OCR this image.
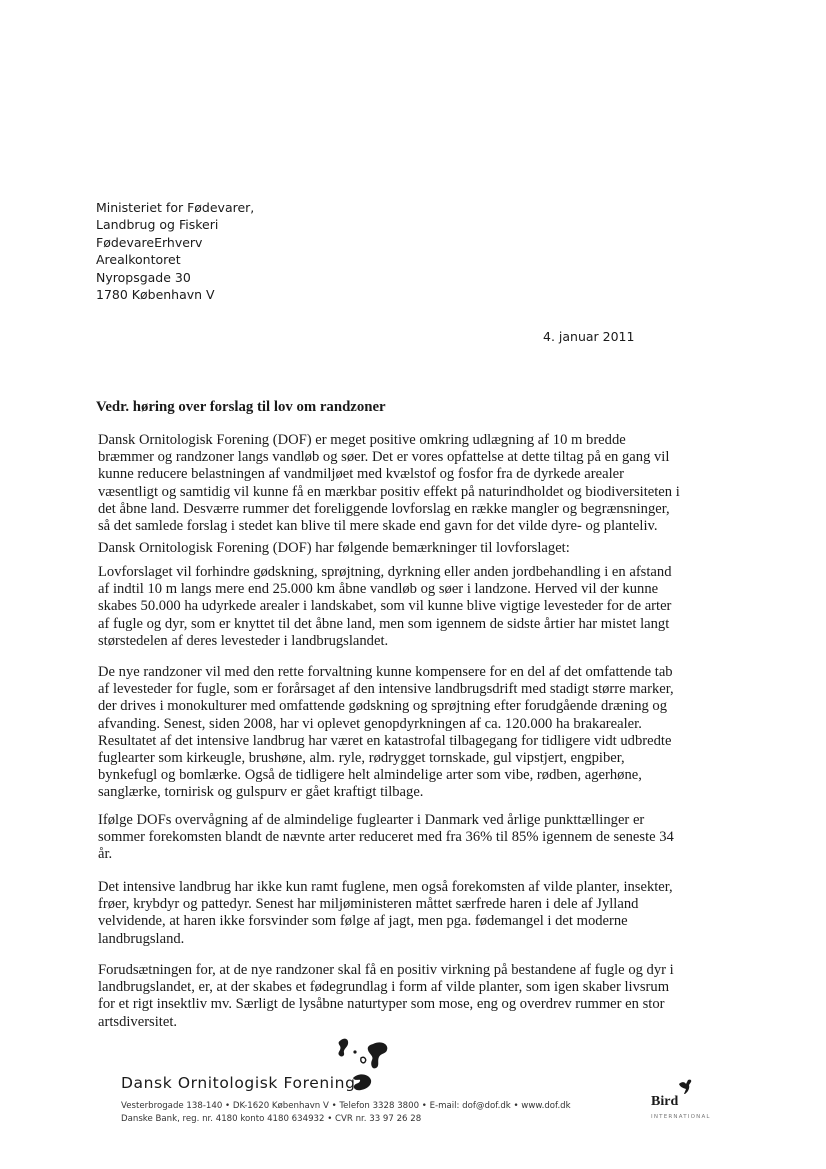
Ministeriet for Fødevarer,
Landbrug og Fiskeri
FødevareErhverv
Arealkontoret
Nyropsgade 30
1780 København V
4. januar 2011
Vedr. høring over forslag til lov om randzoner
Dansk Ornitologisk Forening (DOF) er meget positive omkring udlægning af 10 m bredde
bræmmer og randzoner langs vandløb og søer. Det er vores opfattelse at dette tiltag på en gang vil
kunne reducere belastningen af vandmiljøet med kvælstof og fosfor fra de dyrkede arealer
væsentligt og samtidig vil kunne få en mærkbar positiv effekt på naturindholdet og biodiversiteten i
det åbne land. Desværre rummer det foreliggende lovforslag en række mangler og begrænsninger,
så det samlede forslag i stedet kan blive til mere skade end gavn for det vilde dyre- og planteliv.
Dansk Ornitologisk Forening (DOF) har følgende bemærkninger til lovforslaget:
Lovforslaget vil forhindre gødskning, sprøjtning, dyrkning eller anden jordbehandling i en afstand
af indtil 10 m langs mere end 25.000 km åbne vandløb og søer i landzone. Herved vil der kunne
skabes 50.000 ha udyrkede arealer i landskabet, som vil kunne blive vigtige levesteder for de arter
af fugle og dyr, som er knyttet til det åbne land, men som igennem de sidste årtier har mistet langt
størstedelen af deres levesteder i landbrugslandet.
De nye randzoner vil med den rette forvaltning kunne kompensere for en del af det omfattende tab
af levesteder for fugle, som er forårsaget af den intensive landbrugsdrift med stadigt større marker,
der drives i monokulturer med omfattende gødskning og sprøjtning efter forudgående dræning og
afvanding. Senest, siden 2008, har vi oplevet genopdyrkningen af ca. 120.000 ha brakarealer.
Resultatet af det intensive landbrug har været en katastrofal tilbagegang for tidligere vidt udbredte
fuglearter som kirkeugle, brushøne, alm. ryle, rødrygget tornskade, gul vipstjert, engpiber,
bynkefugl og bomlærke. Også de tidligere helt almindelige arter som vibe, rødben, agerhøne,
sanglærke, tornirisk og gulspurv er gået kraftigt tilbage.
Ifølge DOFs overvågning af de almindelige fuglearter i Danmark ved årlige punkttællinger er
sommer forekomsten blandt de nævnte arter reduceret med fra 36% til 85% igennem de seneste 34
år.
Det intensive landbrug har ikke kun ramt fuglene, men også forekomsten af vilde planter, insekter,
frøer, krybdyr og pattedyr. Senest har miljøministeren måttet særfrede haren i dele af Jylland
velvidende, at haren ikke forsvinder som følge af jagt, men pga. fødemangel i det moderne
landbrugsland.
Forudsætningen for, at de nye randzoner skal få en positiv virkning på bestandene af fugle og dyr i
landbrugslandet, er, at der skabes et fødegrundlag i form af vilde planter, som igen skaber livsrum
for et rigt insektliv mv. Særligt de lysåbne naturtyper som mose, eng og overdrev rummer en stor
artsdiversitet.
Dansk Ornitologisk Forening
Vesterbrogade 138-140 • DK-1620 København V • Telefon 3328 3800 • E-mail: dof@dof.dk • www.dof.dk
Danske Bank, reg. nr. 4180 konto 4180 634932 • CVR nr. 33 97 26 28
Bird
INTERNATIONAL
